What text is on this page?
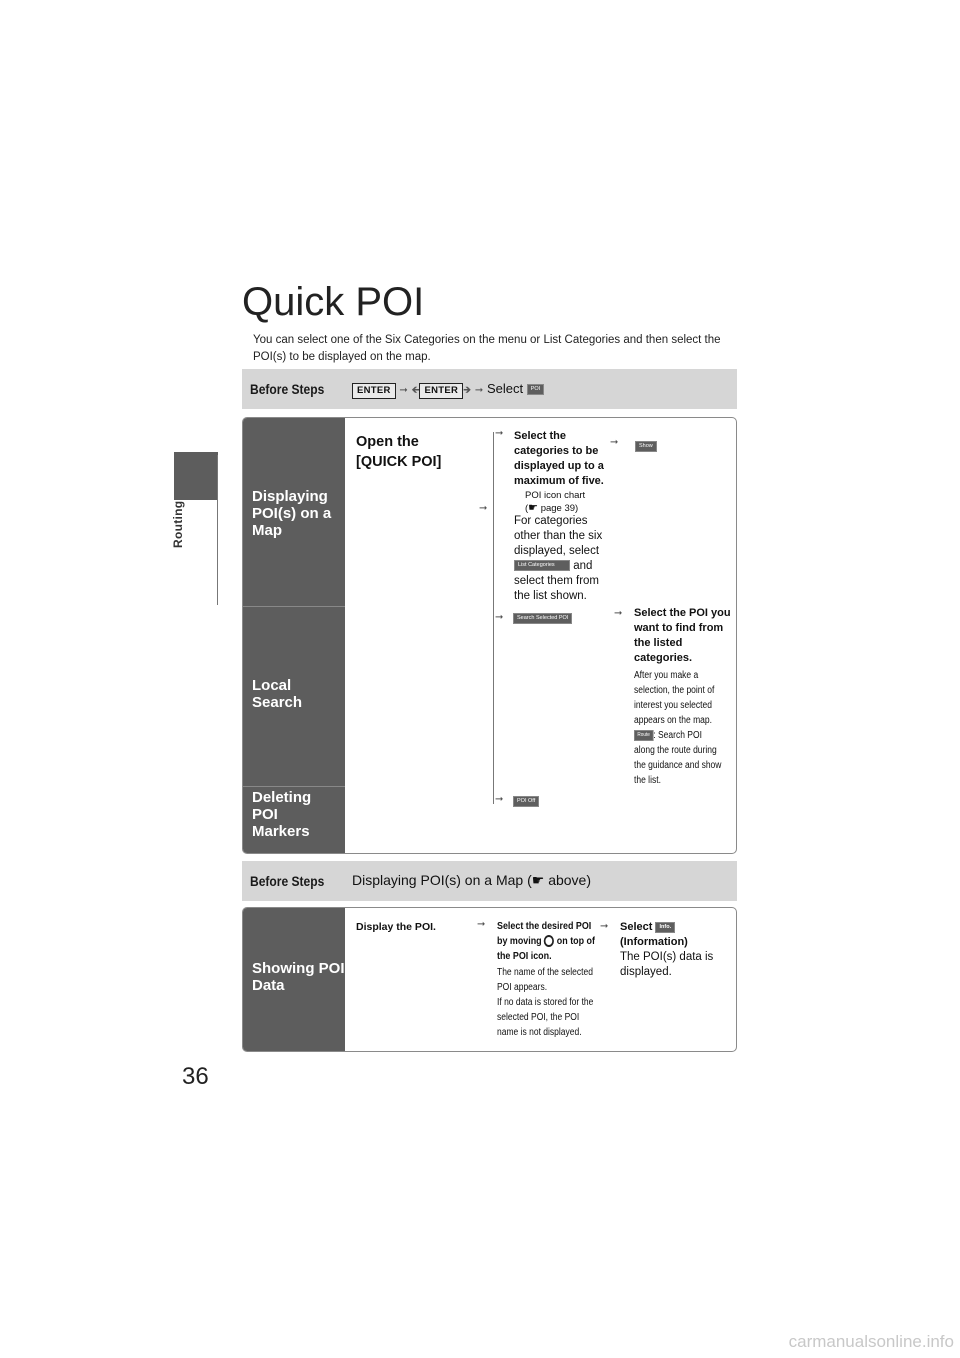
Routing
Quick POI
You can select one of the Six Categories on the menu or List Categories and then select the POI(s) to be displayed on the map.
Before Steps	ENTER ➞ 🡸 ENTER 🡺 ➞ Select POI
Displaying POI(s) on a Map
Local Search
Deleting POI Markers
Open the [QUICK POI]
➞ Select the categories to be displayed up to a maximum of five.
➞	Show
POI icon chart
(☛ page 39)
➞
For categories other than the six displayed, select List Categories and select them from the list shown.
➞	Search Selected POI	➞ Select the POI you want to find from the listed categories.
After you make a selection, the point of interest you selected appears on the map.
Route : Search POI along the route during the guidance and show the list.
➞	POI Off
Before Steps Displaying POI(s) on a Map (☛ above)
Showing POI Data
Display the POI.	➞ Select the desired POI by moving on top of the POI icon.
The name of the selected POI appears.
If no data is stored for the selected POI, the POI name is not displayed.
➞ Select Info.
(Information)
The POI(s) data is displayed.
36
carmanualsonline.info
